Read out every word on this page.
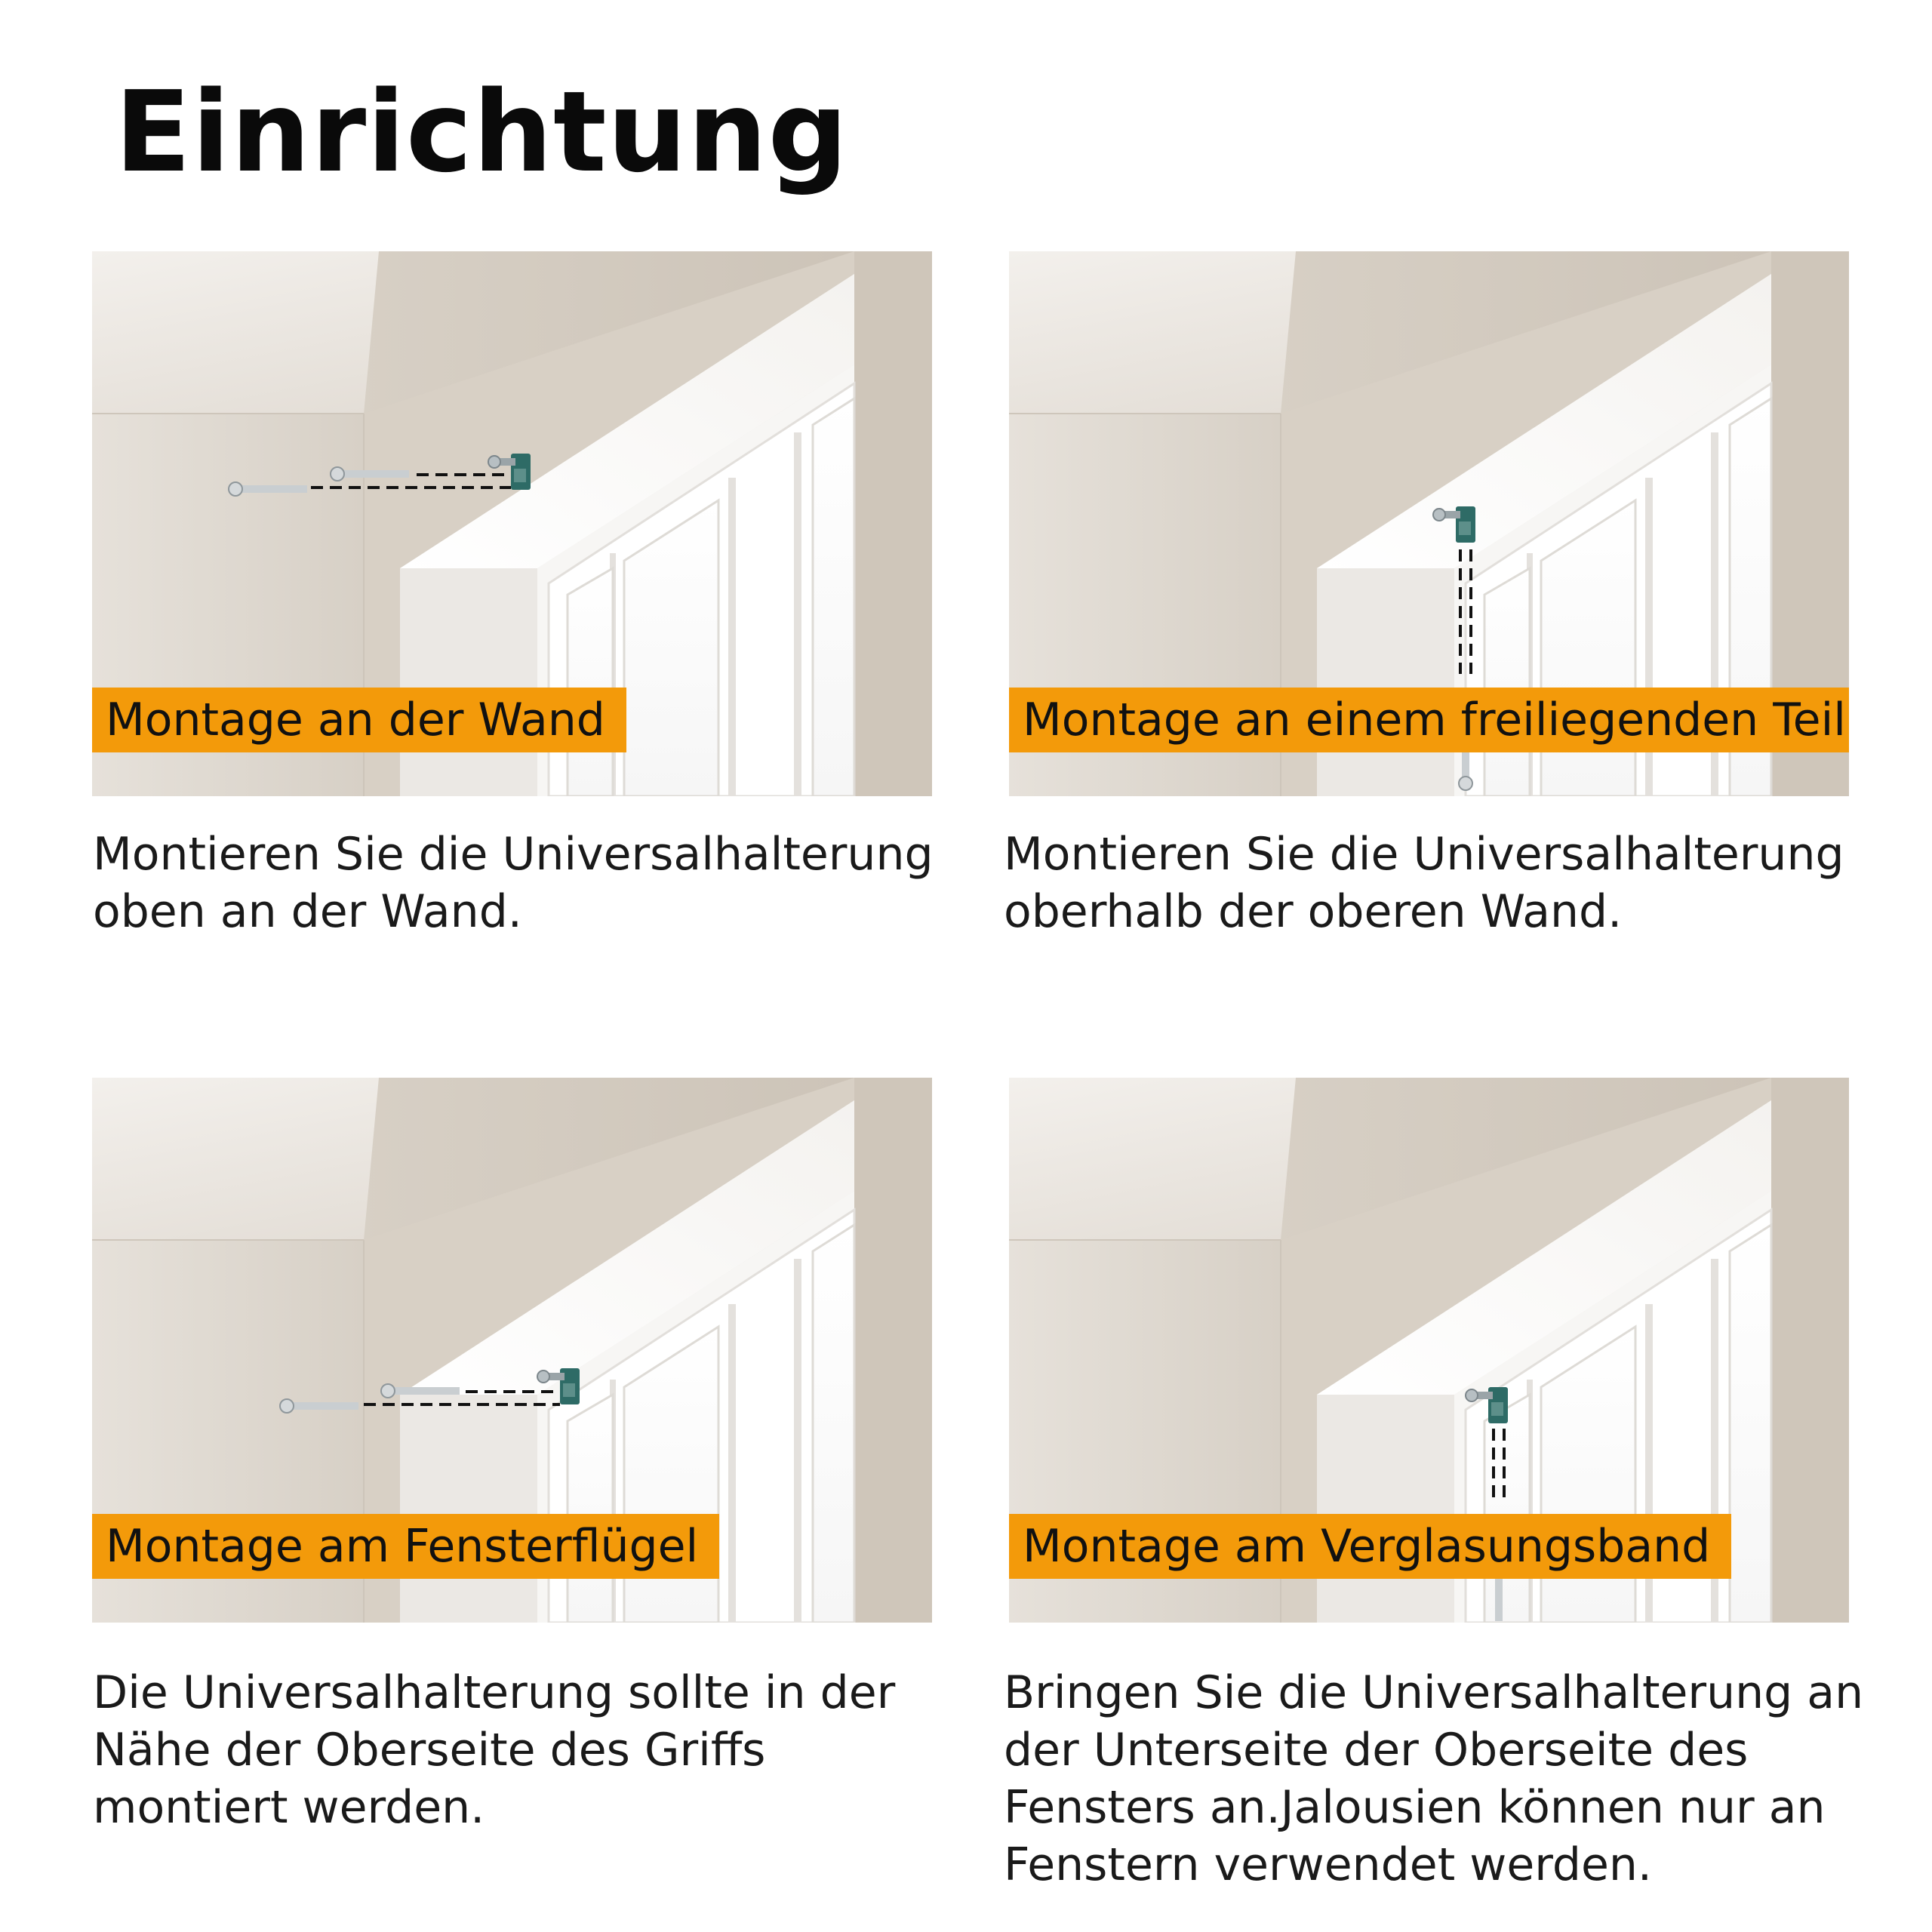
Einrichtung
Montage an der Wand

Montieren Sie die Universalhalterung oben an der Wand.

Montage an einem freiliegenden Teil

Montieren Sie die Universalhalterung oberhalb der oberen Wand.

Montage am Fensterflügel

Die Universalhalterung sollte in der Nähe der Oberseite des Griffs montiert werden.

Montage am Verglasungsband

Bringen Sie die Universalhalterung an der Unterseite der Oberseite des Fensters an.Jalousien können nur an Fenstern verwendet werden.
